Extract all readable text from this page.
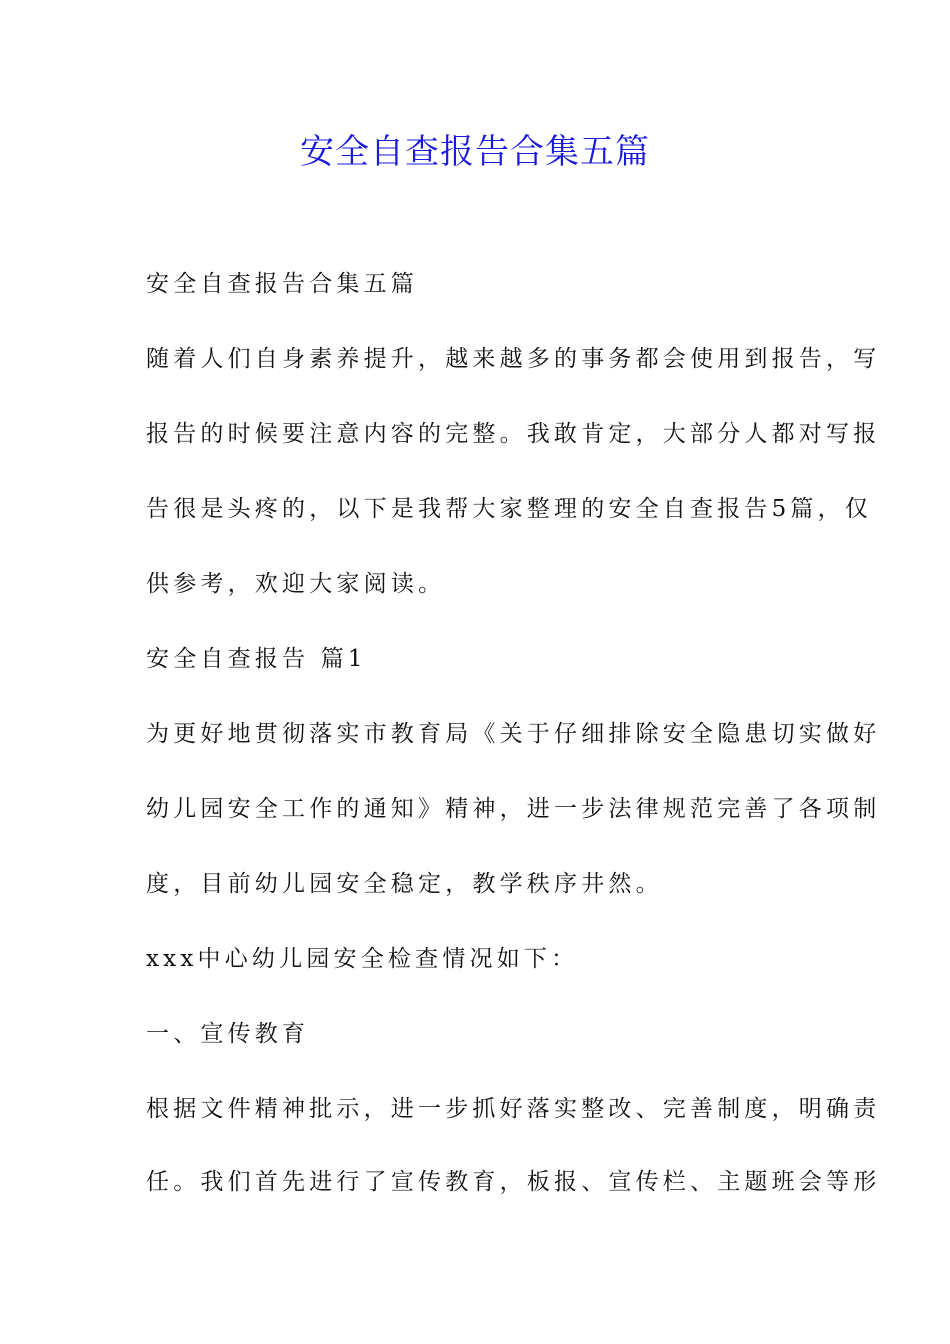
安全自查报告合集五篇

安全自查报告合集五篇

随着人们自身素养提升，越来越多的事务都会使用到报告，写

报告的时候要注意内容的完整。我敢肯定，大部分人都对写报

告很是头疼的，以下是我帮大家整理的安全自查报告5篇，仅

供参考，欢迎大家阅读。

安全自查报告 篇1

为更好地贯彻落实市教育局《关于仔细排除安全隐患切实做好

幼儿园安全工作的通知》精神，进一步法律规范完善了各项制

度，目前幼儿园安全稳定，教学秩序井然。

xxx中心幼儿园安全检查情况如下：

一、宣传教育

根据文件精神批示，进一步抓好落实整改、完善制度，明确责

任。我们首先进行了宣传教育，板报、宣传栏、主题班会等形
